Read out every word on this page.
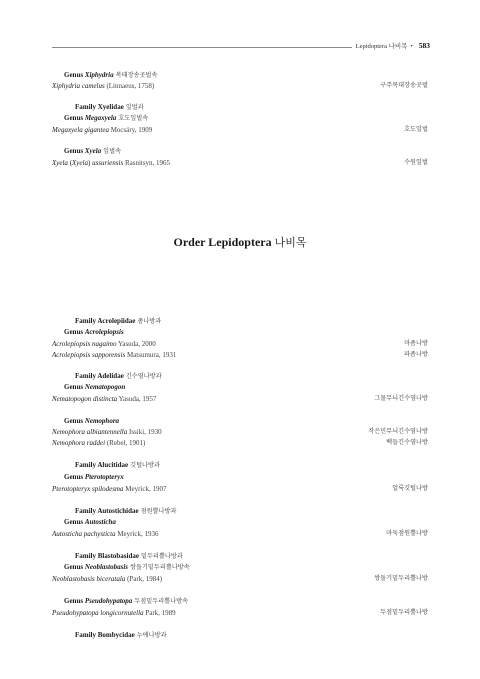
Lepidoptera 나비목 • 583
Genus Xiphydria 복태장송곳벌속
Xiphydria camelus (Linnaeus, 1758)	구주목대장송곳벌
Family Xyelidae 잎벌과
Genus Megaxyela 호도잎벌속
Megaxyela gigantea Mocsáry, 1909	호도잎벌
Genus Xyela 잎벌속
Xyela (Xyela) ussuriensis Rasnitsyn, 1965	수원잎벌
Order Lepidoptera 나비목
Family Acrolepiidae 좀나방과
Genus Acrolepiopsis
Acrolepiopsis nagaimo Yasuda, 2000	마좀나방
Acrolepiopsis sapporensis Matsumura, 1931	파좀나방
Family Adelidae 긴수염나방과
Genus Nematopogon
Nematopogon distincta Yasuda, 1957	그물무늬긴수염나방
Genus Nemophora
Nemophora albiantennella Issiki, 1930	작은민무늬긴수염나방
Nemophora raddei (Rebel, 1901)	백들긴수염나방
Family Alucitidae 깃털나방과
Genus Pterotopteryx
Pterotopteryx spilodesma Meyrick, 1907	얼룩깃털나방
Family Autostichidae 점원뿔나방과
Genus Autosticha
Autosticha pachysticta Meyrick, 1936	마둑점원뿔나방
Family Blastobasidae 밑두리뿔나방과
Genus Neoblastobasis 쌍돌기밑두리뿔나방속
Neoblastobasis biceratala (Park, 1984)	쌍돌기밑두리뿔나방
Genus Pseudohypatopa 두점밑두리뿔나방속
Pseudohypatopa longicornutella Park, 1989	두점밑두리뿔나방
Family Bombycidae 누에나방과
